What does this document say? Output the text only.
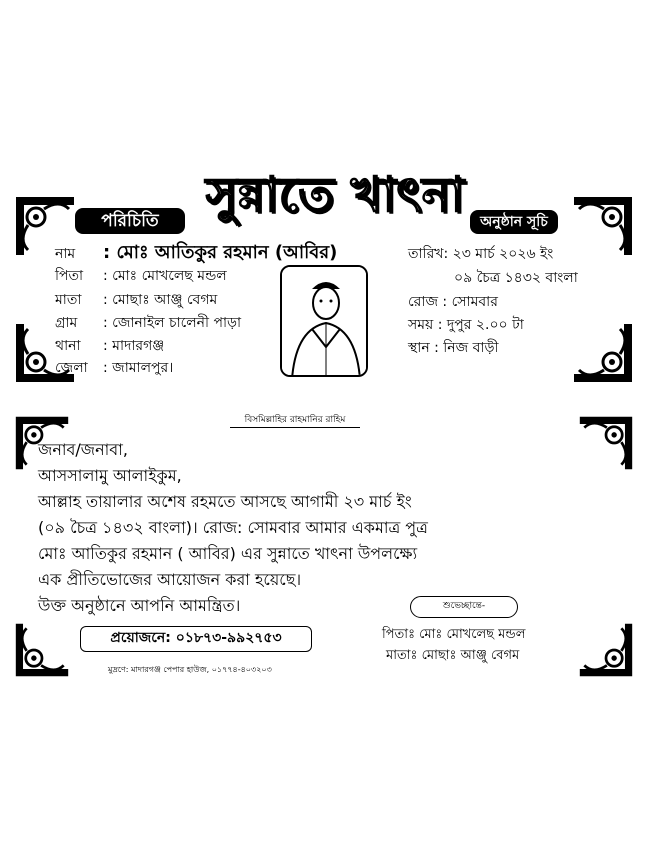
সুন্নাতে খাৎনা
পরিচিতি
নাম : মোঃ আতিকুর রহমান (আবির)
পিতা : মোঃ মোখলেছ মন্ডল
মাতা : মোছাঃ আঞ্জু বেগম
গ্রাম : জোনাইল চালেনী পাড়া
থানা : মাদারগঞ্জ
জেলা : জামালপুর।
অনুষ্ঠান সূচি
তারিখ: ২৩ মার্চ ২০২৬ ইং
০৯ চৈত্র ১৪৩২ বাংলা
রোজ : সোমবার
সময় : দুপুর ২.০০ টা
স্থান : নিজ বাড়ী
বিসমিল্লাহির রাহমানির রাহিম
জনাব/জনাবা,
আসসালামু আলাইকুম,
আল্লাহ তায়ালার অশেষ রহমতে আসছে আগামী ২৩ মার্চ ইং
(০৯ চৈত্র ১৪৩২ বাংলা)। রোজ: সোমবার আমার একমাত্র পুত্র
মোঃ আতিকুর রহমান ( আবির) এর সুন্নাতে খাৎনা উপলক্ষ্যে
এক প্রীতিভোজের আয়োজন করা হয়েছে।
উক্ত অনুষ্ঠানে আপনি আমন্ত্রিত।	শুভেচ্ছান্তে-
পিতাঃ মোঃ মোখলেছ মন্ডল
মাতাঃ মোছাঃ আঞ্জু বেগম
প্রয়োজনে: ০১৮৭৩-৯৯২৭৫৩
মুদ্রণে: মাদারগঞ্জ পেপার হাউজ, ০১৭৭৪-৪০৩২০৩
